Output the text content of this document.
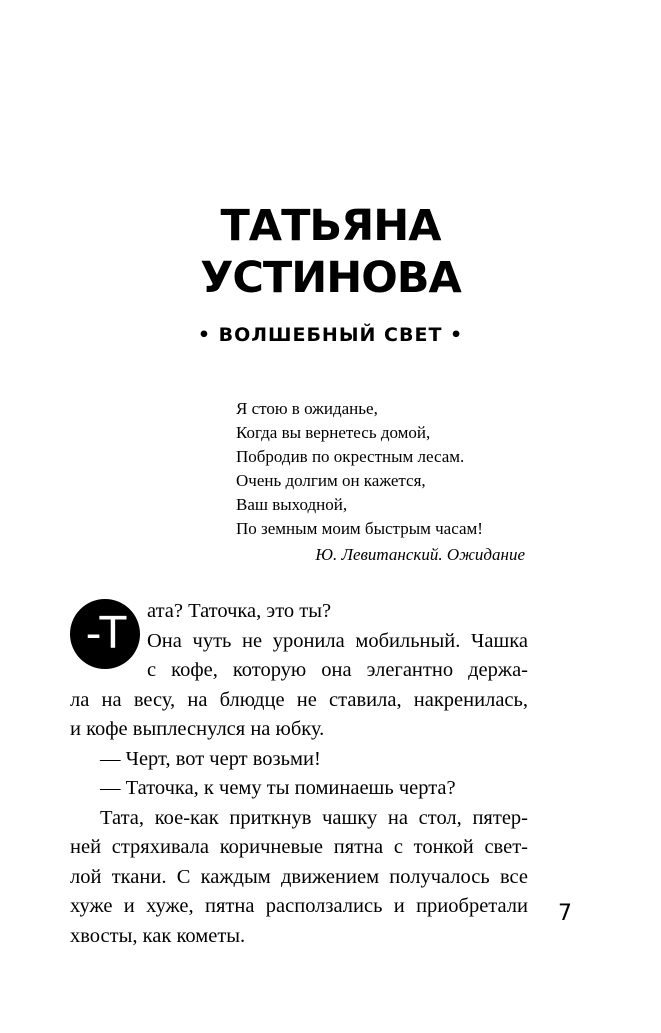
ТАТЬЯНА
УСТИНОВА
• ВОЛШЕБНЫЙ СВЕТ •
Я стою в ожиданье,
Когда вы вернетесь домой,
Побродив по окрестным лесам.
Очень долгим он кажется,
Ваш выходной,
По земным моим быстрым часам!
Ю. Левитанский. Ожидание
-Т	ата? Таточка, это ты?
Она чуть не уронила мобильный. Чашка
с кофе, которую она элегантно держа-
ла на весу, на блюдце не ставила, накренилась,
и кофе выплеснулся на юбку.
— Черт, вот черт возьми!
— Таточка, к чему ты поминаешь черта?
Тата, кое-как приткнув чашку на стол, пятер-
ней стряхивала коричневые пятна с тонкой свет-
лой ткани. С каждым движением получалось все
хуже и хуже, пятна расползались и приобретали
хвосты, как кометы.
7
